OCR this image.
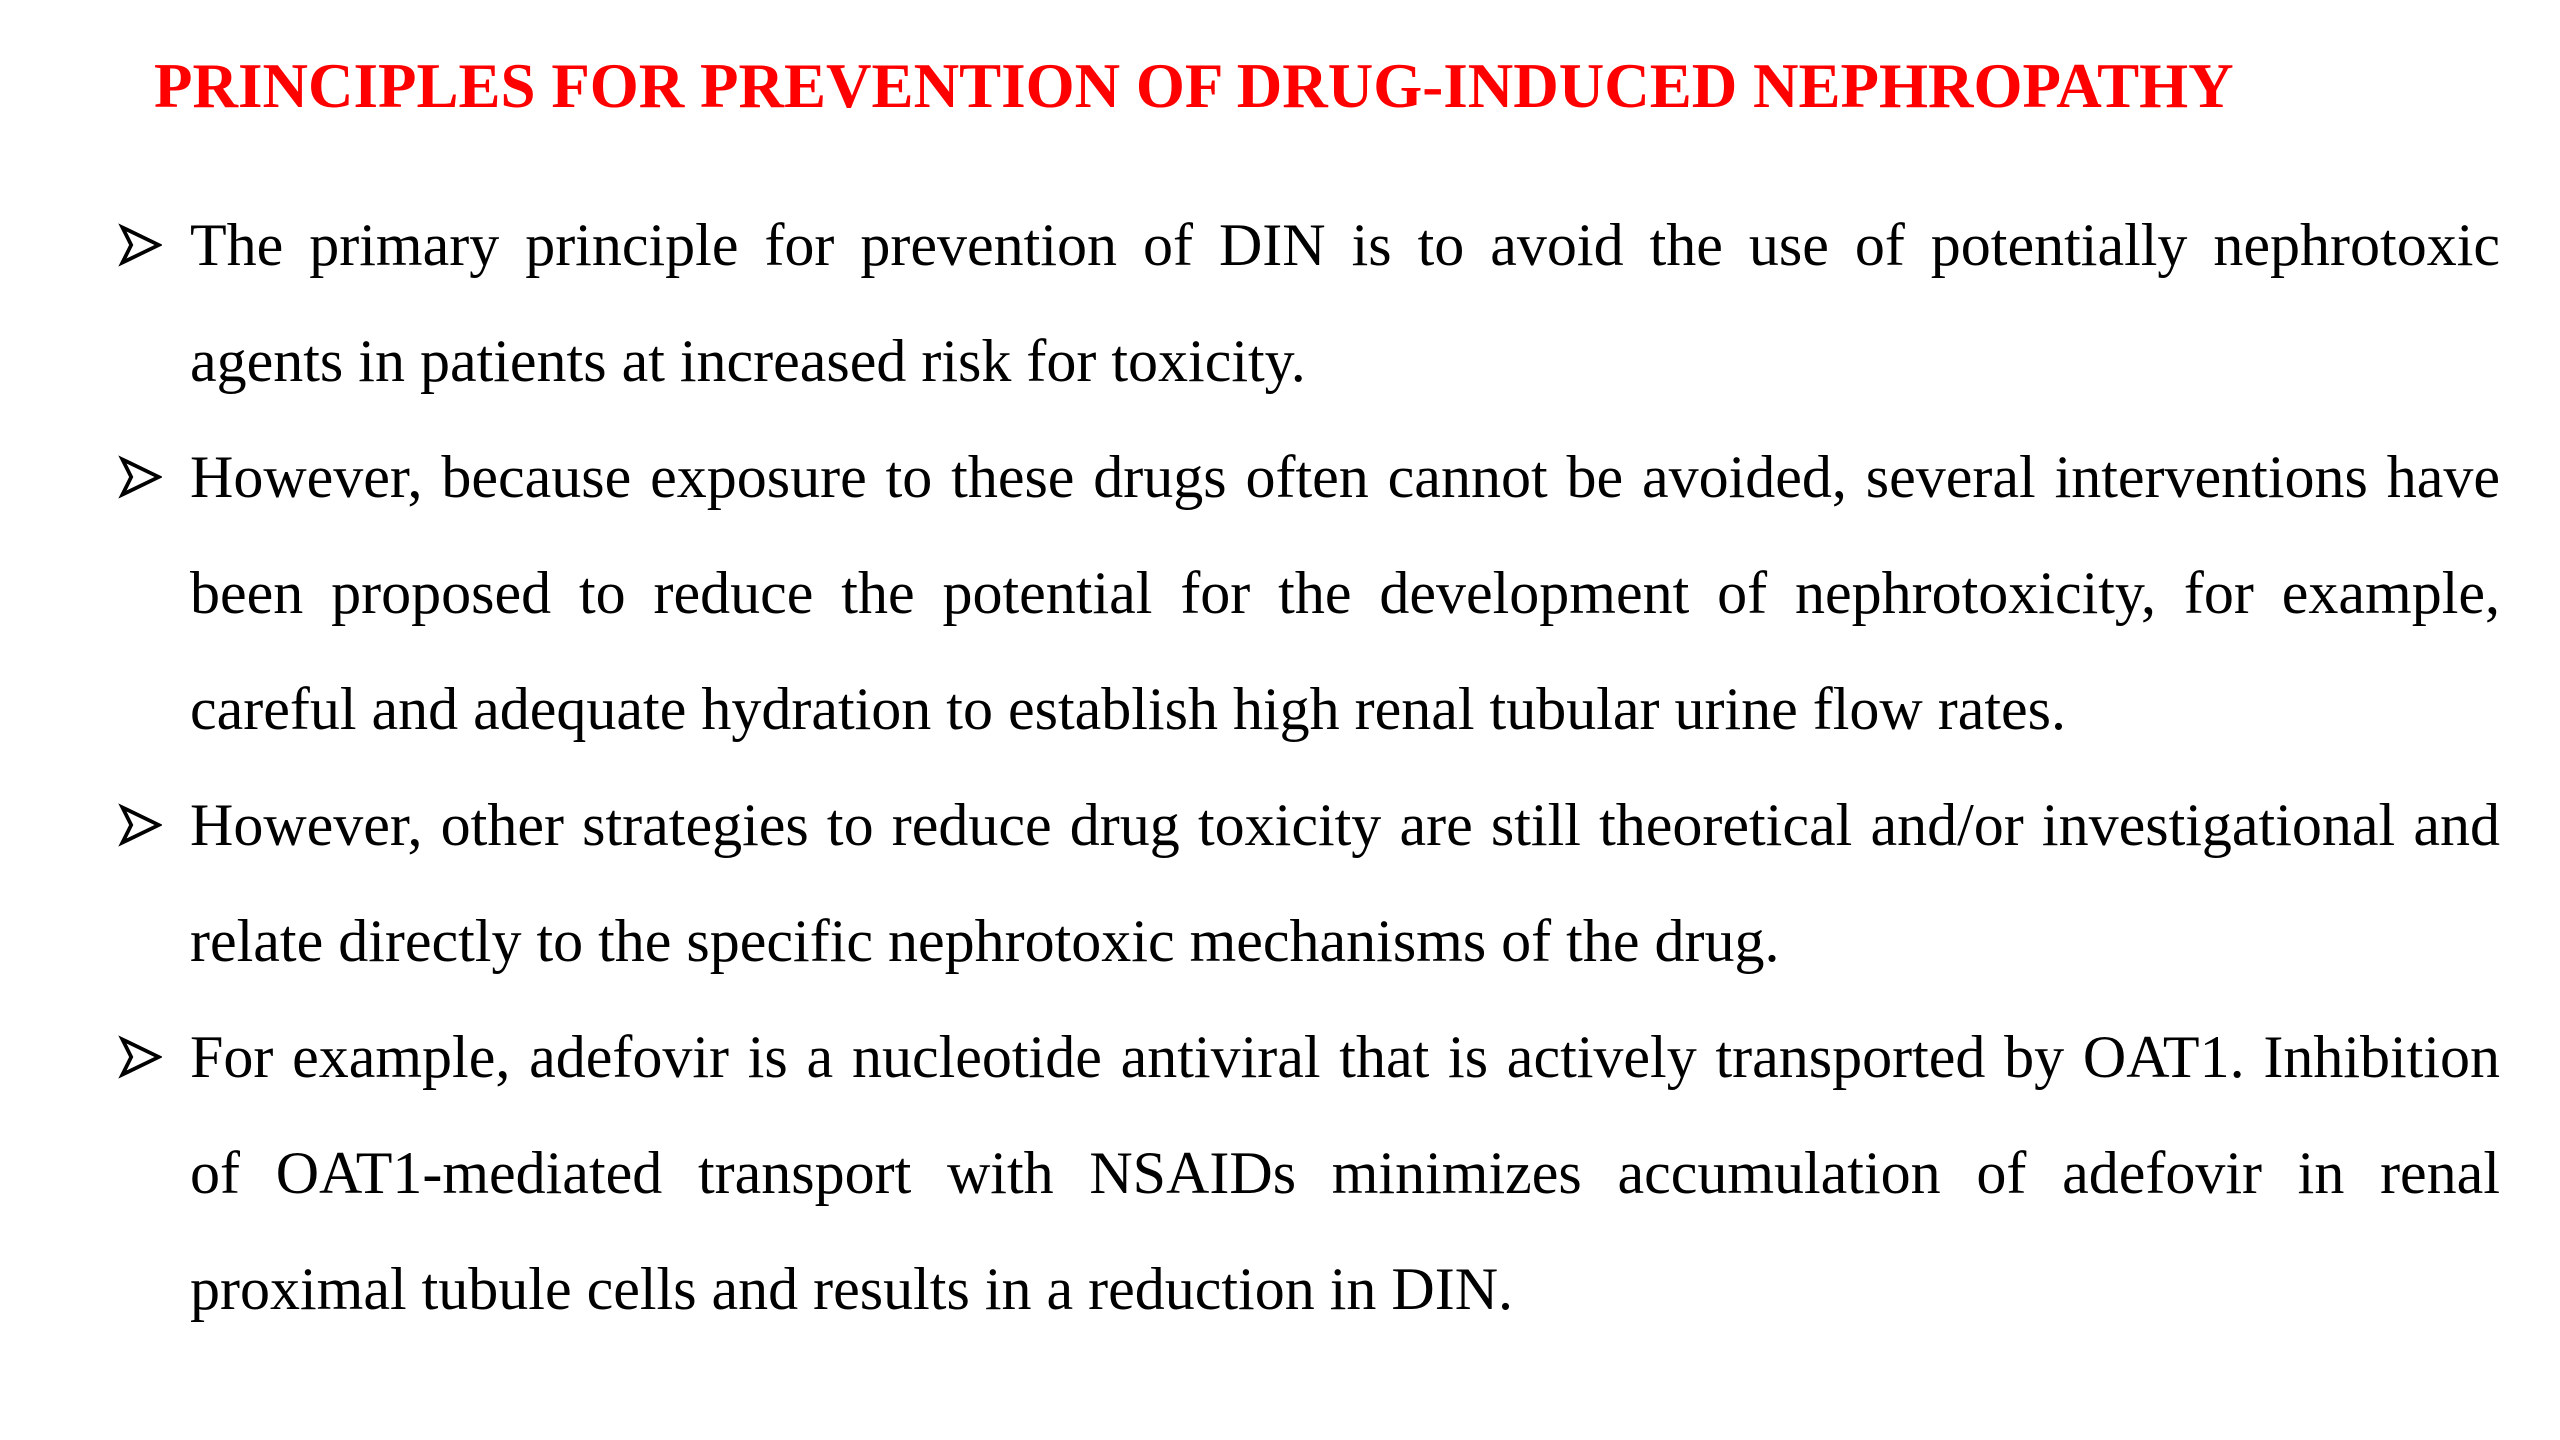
PRINCIPLES FOR PREVENTION OF DRUG-INDUCED NEPHROPATHY
The primary principle for prevention of DIN is to avoid the use of potentially nephrotoxic agents in patients at increased risk for toxicity.
However, because exposure to these drugs often cannot be avoided, several interventions have been proposed to reduce the potential for the development of nephrotoxicity, for example, careful and adequate hydration to establish high renal tubular urine flow rates.
However, other strategies to reduce drug toxicity are still theoretical and/or investigational and relate directly to the specific nephrotoxic mechanisms of the drug.
For example, adefovir is a nucleotide antiviral that is actively transported by OAT1. Inhibition of OAT1-mediated transport with NSAIDs minimizes accumulation of adefovir in renal proximal tubule cells and results in a reduction in DIN.
